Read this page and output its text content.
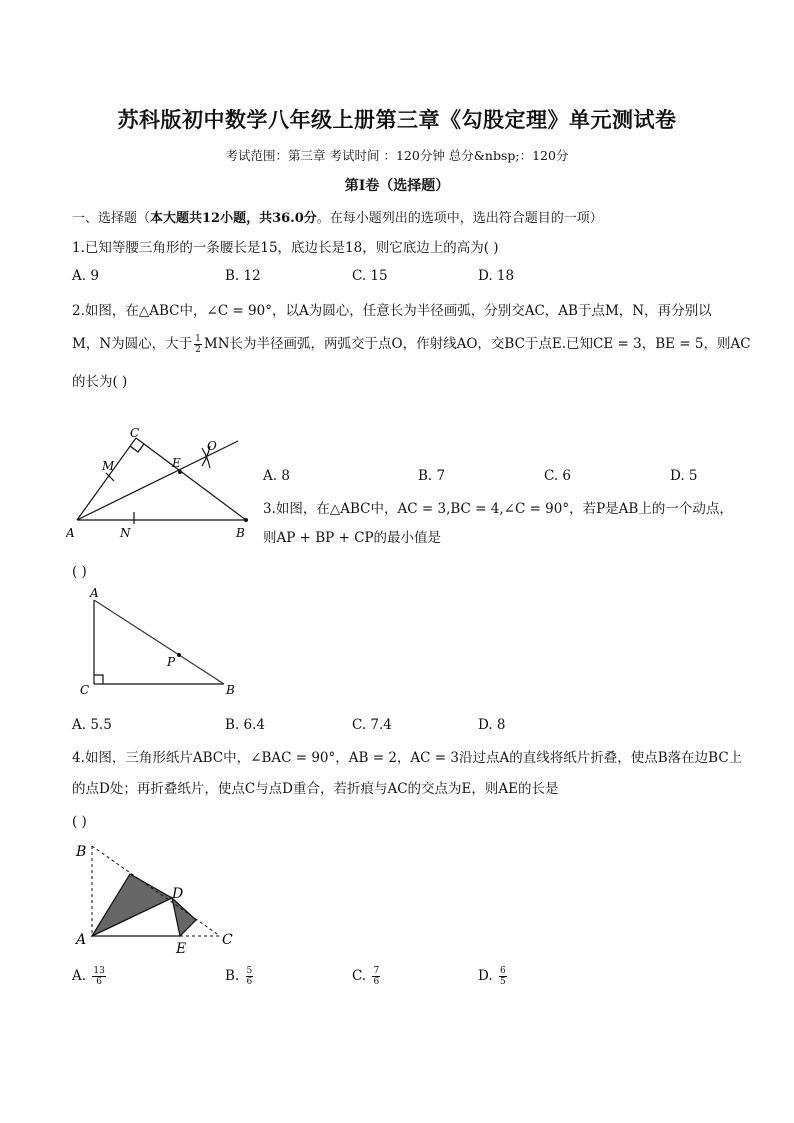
苏科版初中数学八年级上册第三章《勾股定理》单元测试卷
考试范围：第三章 考试时间 ：120分钟 总分&nbsp;：120分
第I卷（选择题）
一、选择题（本大题共12小题，共36.0分。在每小题列出的选项中，选出符合题目的一项）
1.已知等腰三角形的一条腰长是15，底边长是18，则它底边上的高为( )
A. 9	B. 12	C. 15	D. 18
2.如图，在△ABC中，∠C = 90°，以A为圆心，任意长为半径画弧，分别交AC，AB于点M，N，再分别以
M，N为圆心，大于 $\frac{1}{2}$ MN长为半径画弧，两弧交于点O，作射线AO，交BC于点E.已知CE = 3，BE = 5，则AC
的长为( )
A	B
C
M
N
E
O
A. 8	B. 7	C. 6	D. 5
3.如图，在△ABC中，AC = 3,BC = 4,∠C = 90°，若P是AB上的一个动点，
则AP + BP + CP的最小值是
( )
A
C	B
P
A. 5.5	B. 6.4	C. 7.4	D. 8
4.如图，三角形纸片ABC中，∠BAC = 90°，AB = 2，AC = 3沿过点A的直线将纸片折叠，使点B落在边BC上
的点D处；再折叠纸片，使点C与点D重合，若折痕与AC的交点为E，则AE的长是
( )
B
A
D
E
C
A. $\frac{13}{6}$	B. $\frac{5}{6}$	C. $\frac{7}{6}$	D. $\frac{6}{5}$
